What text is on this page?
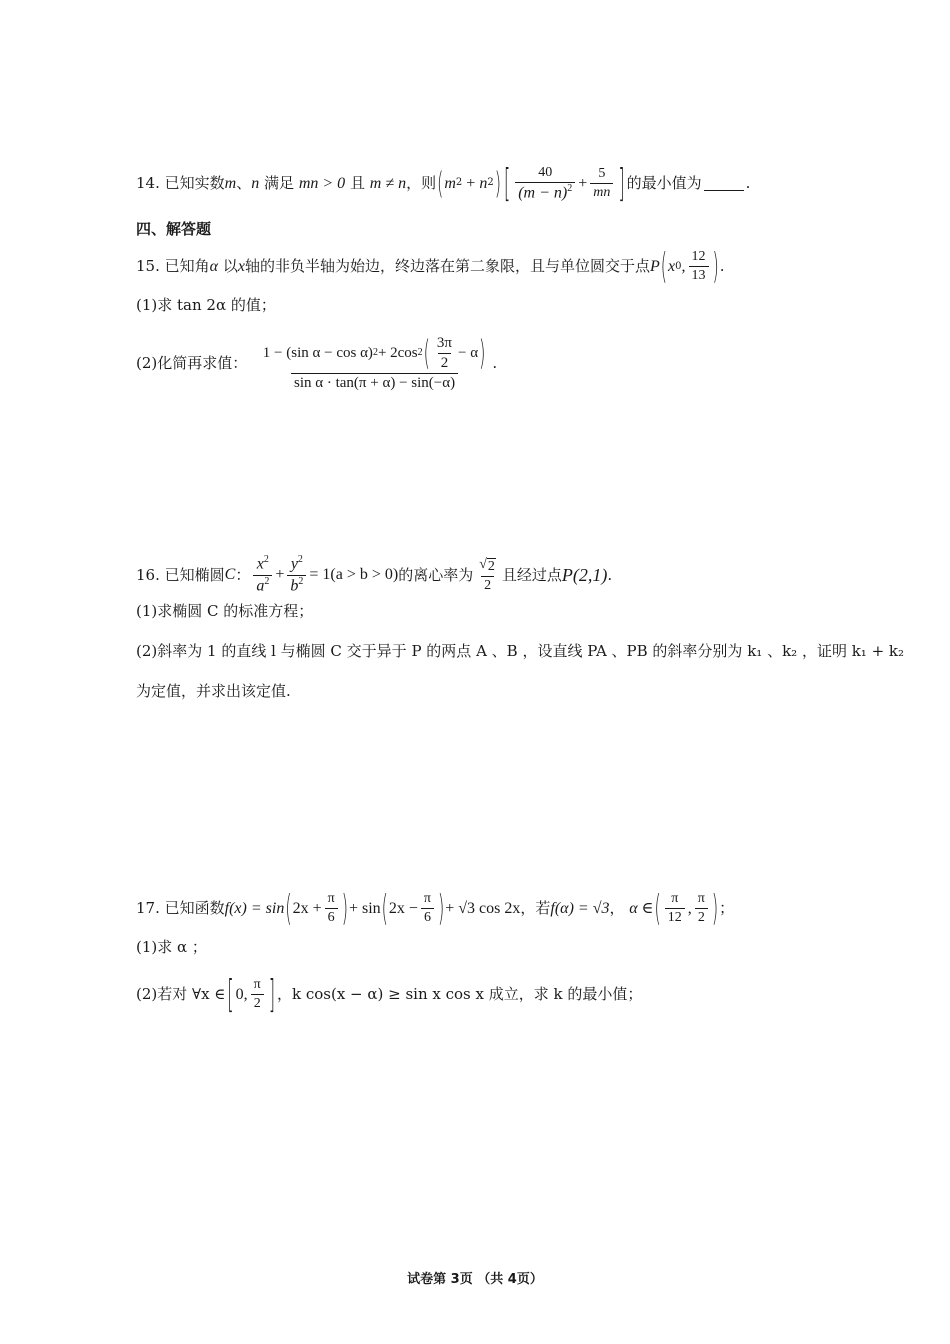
14.
已知实数 m 、 n
满足
mn > 0
且
m ≠ n ，则 ( m 2 + n 2 ) [ $\frac{40}{(m - n)^2} + \frac{5}{mn}$ ] 的最小值为	.
四、解答题
15.
已知角 α
以 x 轴的非负半轴为始边，终边落在第二象限，且与单位圆交于点 P ( x 0 , $\frac{12}{13}$ ) .
(1)求 tan 2α 的值；
(2)化简再求值：

1 − (sin α − cos α) 2 + 2cos 2 ( $\frac{3\pi}{2} - \alpha$ )
sin α · tan(π + α) − sin(−α)
.
16.
已知椭圆 C ： $\frac{x^2}{a^2} + \frac{y^2}{b^2} = 1(a > b > 0)$ 的离心率为 $\frac{√ 2}{2}$ 且经过点 P(2,1) .
(1)求椭圆 C 的标准方程；
(2)斜率为 1 的直线 l 与椭圆 C 交于异于 P 的两点 A 、B ，设直线 PA 、PB 的斜率分别为 k₁ 、k₂ ，证明 k₁ + k₂
为定值，并求出该定值.
17.
已知函数 f(x) = sin ( $2x + \frac{\pi}{6}$ ) + sin ( $2x - \frac{\pi}{6}$ ) + √3 cos 2x ，若 f(α) = √3 ，
α ∈ ( $\frac{\pi}{12}$ , $\frac{\pi}{2}$ ) ；
(1)求 α ；
(2)若对 ∀x ∈ [ 0, $\frac{\pi}{2}$ ] ，k cos(x − α) ≥ sin x cos x 成立，求 k 的最小值；
试卷第 3页 （共 4页）
